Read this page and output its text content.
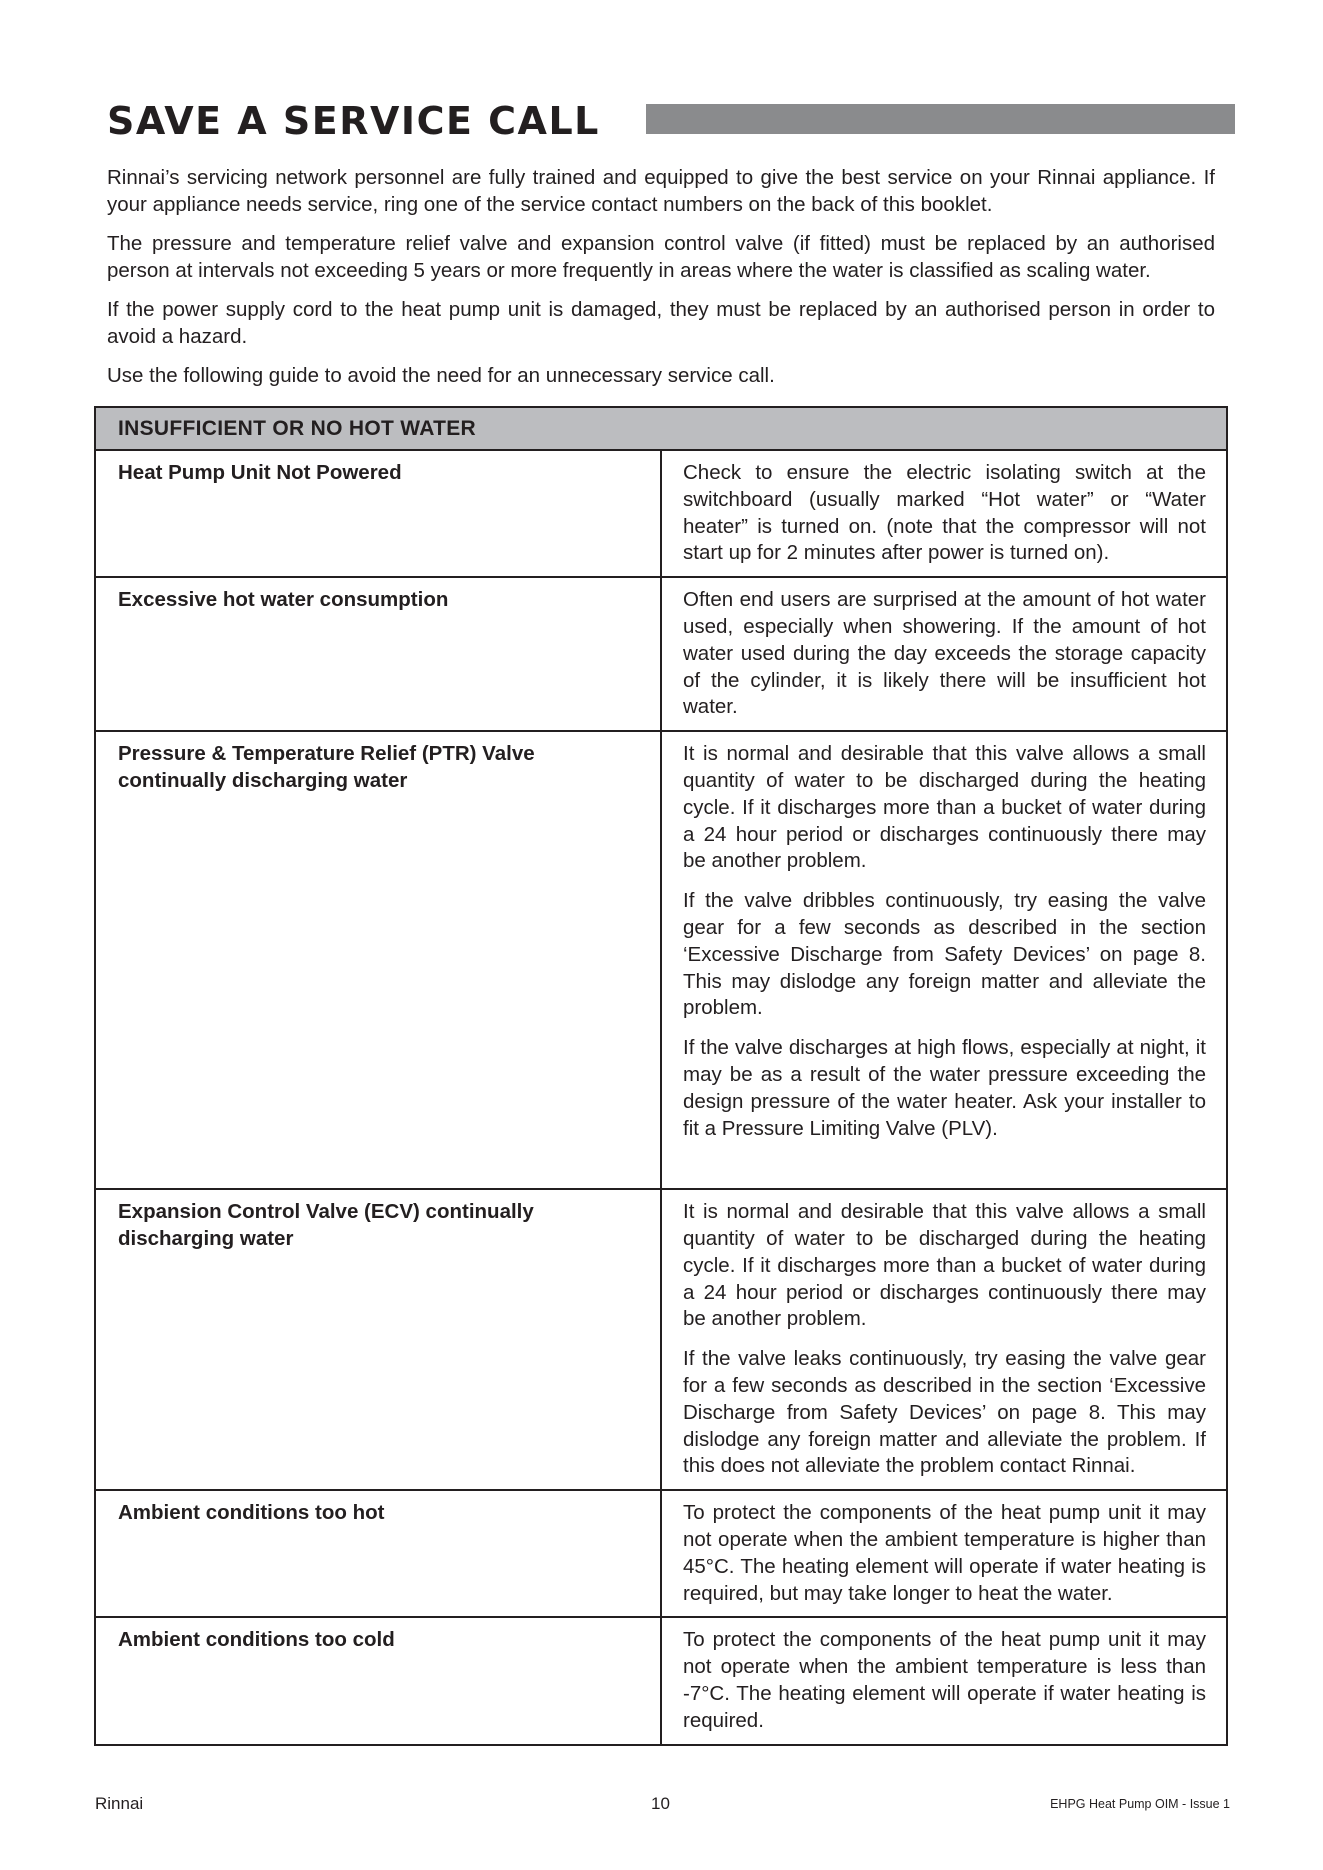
SAVE A SERVICE CALL

Rinnai’s servicing network personnel are fully trained and equipped to give the best service on your Rinnai appliance. If your appliance needs service, ring one of the service contact numbers on the back of this booklet.

The pressure and temperature relief valve and expansion control valve (if fitted) must be replaced by an authorised person at intervals not exceeding 5 years or more frequently in areas where the water is classified as scaling water.

If the power supply cord to the heat pump unit is damaged, they must be replaced by an authorised person in order to avoid a hazard.

Use the following guide to avoid the need for an unnecessary service call.

INSUFFICIENT OR NO HOT WATER	
Heat Pump Unit Not Powered	Check to ensure the electric isolating switch at the switchboard (usually marked “Hot water” or “Water heater” is turned on. (note that the compressor will not start up for 2 minutes after power is turned on).

Excessive hot water consumption	Often end users are surprised at the amount of hot water used, especially when showering. If the amount of hot water used during the day exceeds the storage capacity of the cylinder, it is likely there will be insufficient hot water.

Pressure & Temperature Relief (PTR) Valve continually discharging water	It is normal and desirable that this valve allows a small quantity of water to be discharged during the heating cycle. If it discharges more than a bucket of water during a 24 hour period or discharges continuously there may be another problem.

If the valve dribbles continuously, try easing the valve gear for a few seconds as described in the section ‘Excessive Discharge from Safety Devices’ on page 8. This may dislodge any foreign matter and alleviate the problem.

If the valve discharges at high flows, especially at night, it may be as a result of the water pressure exceeding the design pressure of the water heater. Ask your installer to fit a Pressure Limiting Valve (PLV).

Expansion Control Valve (ECV) continually discharging water	It is normal and desirable that this valve allows a small quantity of water to be discharged during the heating cycle. If it discharges more than a bucket of water during a 24 hour period or discharges continuously there may be another problem.

If the valve leaks continuously, try easing the valve gear for a few seconds as described in the section ‘Excessive Discharge from Safety Devices’ on page 8. This may dislodge any foreign matter and alleviate the problem. If this does not alleviate the problem contact Rinnai.

Ambient conditions too hot	To protect the components of the heat pump unit it may not operate when the ambient temperature is higher than 45°C. The heating element will operate if water heating is required, but may take longer to heat the water.

Ambient conditions too cold	To protect the components of the heat pump unit it may not operate when the ambient temperature is less than -7°C. The heating element will operate if water heating is required.

Rinnai	10	EHPG Heat Pump OIM - Issue 1
